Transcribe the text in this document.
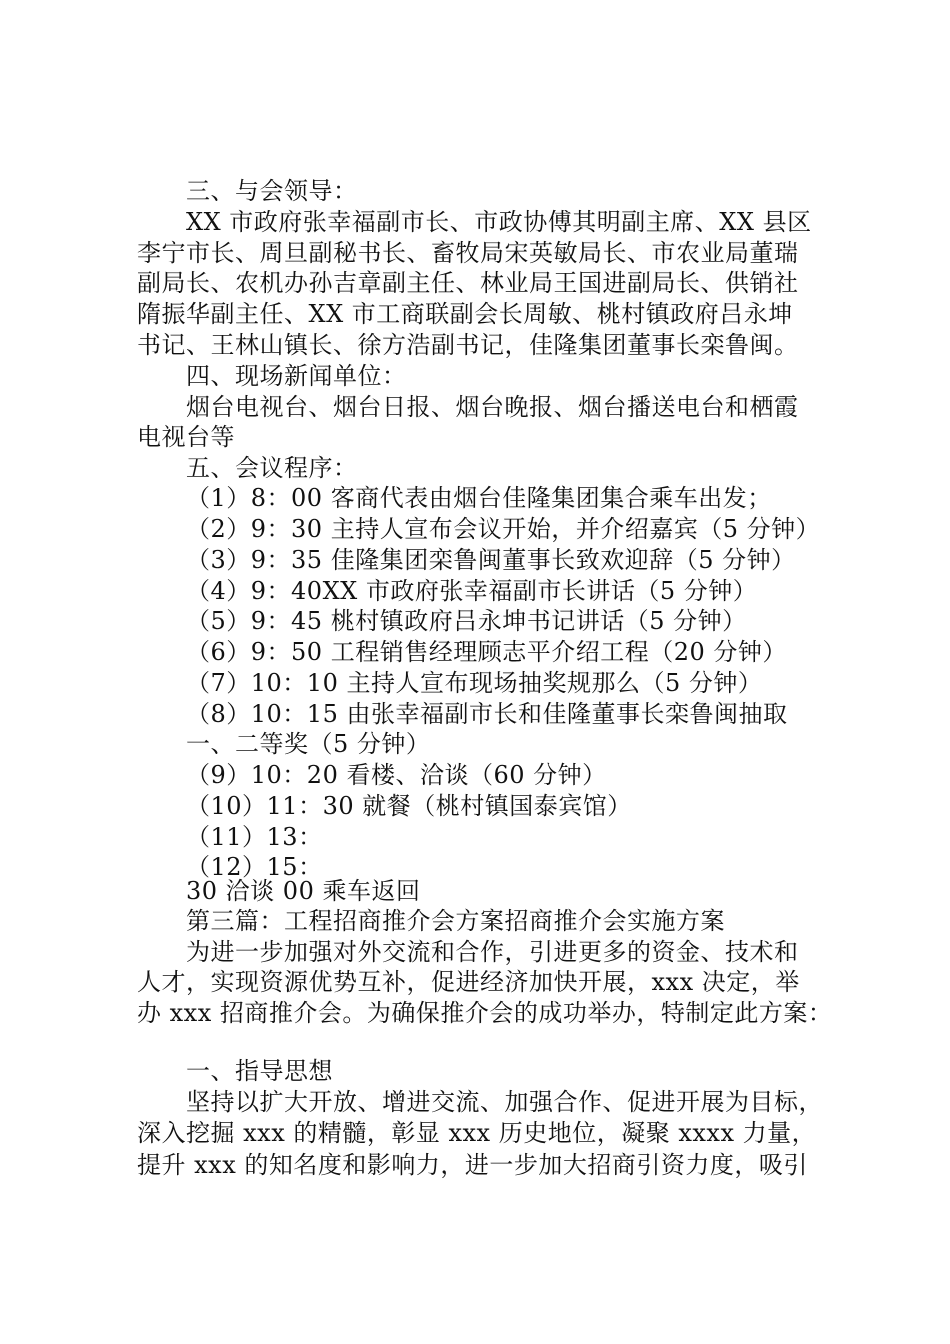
三、与会领导：
XX 市政府张幸福副市长、市政协傅其明副主席、XX 县区
李宁市长、周旦副秘书长、畜牧局宋英敏局长、市农业局董瑞
副局长、农机办孙吉章副主任、林业局王国进副局长、供销社
隋振华副主任、XX 市工商联副会长周敏、桃村镇政府吕永坤
书记、王林山镇长、徐方浩副书记，佳隆集团董事长栾鲁闽。
四、现场新闻单位：
烟台电视台、烟台日报、烟台晚报、烟台播送电台和栖霞
电视台等
五、会议程序：
（1）8：00 客商代表由烟台佳隆集团集合乘车出发；
（2）9：30 主持人宣布会议开始，并介绍嘉宾（5 分钟）
（3）9：35 佳隆集团栾鲁闽董事长致欢迎辞（5 分钟）
（4）9：40XX 市政府张幸福副市长讲话（5 分钟）
（5）9：45 桃村镇政府吕永坤书记讲话（5 分钟）
（6）9：50 工程销售经理顾志平介绍工程（20 分钟）
（7）10：10 主持人宣布现场抽奖规那么（5 分钟）
（8）10：15 由张幸福副市长和佳隆董事长栾鲁闽抽取
一、二等奖（5 分钟）
（9）10：20 看楼、洽谈（60 分钟）
（10）11：30 就餐（桃村镇国泰宾馆）
（11）13：
（12）15：
30 洽谈 00 乘车返回
第三篇：工程招商推介会方案招商推介会实施方案
为进一步加强对外交流和合作，引进更多的资金、技术和
人才，实现资源优势互补，促进经济加快开展，xxx 决定，举
办 xxx 招商推介会。为确保推介会的成功举办，特制定此方案：
一、指导思想
坚持以扩大开放、增进交流、加强合作、促进开展为目标，
深入挖掘 xxx 的精髓，彰显 xxx 历史地位，凝聚 xxxx 力量，
提升 xxx 的知名度和影响力，进一步加大招商引资力度，吸引
